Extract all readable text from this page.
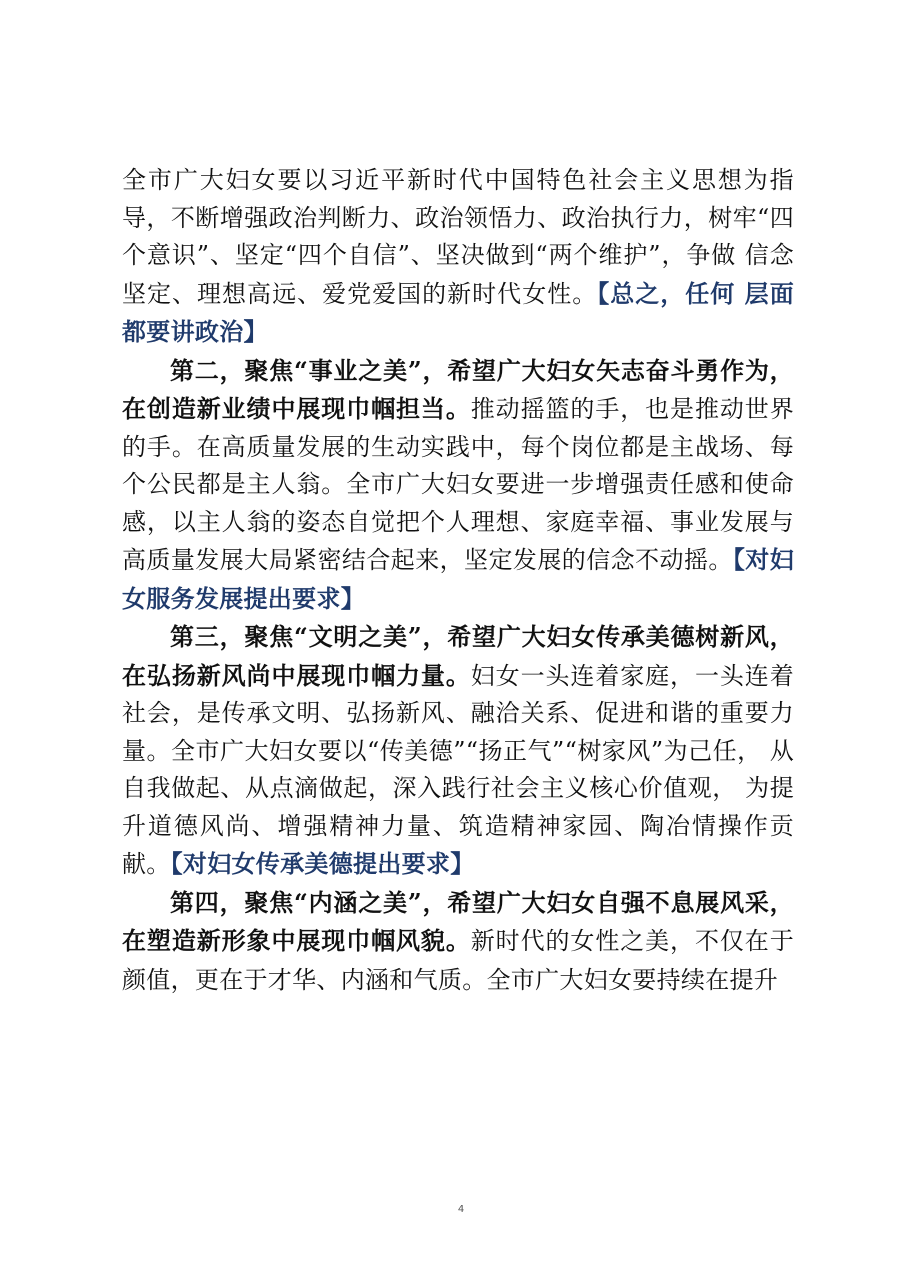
全市广大妇女要以习近平新时代中国特色社会主义思想为指导，不断增强政治判断力、政治领悟力、政治执行力，树牢“四个意识”、坚定“四个自信”、坚决做到“两个维护”，争做 信念坚定、理想高远、爱党爱国的新时代女性。【总之，任何 层面都要讲政治】

第二，聚焦“事业之美”，希望广大妇女矢志奋斗勇作为， 在创造新业绩中展现巾帼担当。推动摇篮的手，也是推动世界的手。在高质量发展的生动实践中，每个岗位都是主战场、每个公民都是主人翁。全市广大妇女要进一步增强责任感和使命感，以主人翁的姿态自觉把个人理想、家庭幸福、事业发展与高质量发展大局紧密结合起来，坚定发展的信念不动摇。【对妇女服务发展提出要求】

第三，聚焦“文明之美”，希望广大妇女传承美德树新风， 在弘扬新风尚中展现巾帼力量。妇女一头连着家庭，一头连着社会，是传承文明、弘扬新风、融洽关系、促进和谐的重要力量。全市广大妇女要以“传美德”“扬正气”“树家风”为己任， 从自我做起、从点滴做起，深入践行社会主义核心价值观， 为提升道德风尚、增强精神力量、筑造精神家园、陶冶情操作贡献。【对妇女传承美德提出要求】

第四，聚焦“内涵之美”，希望广大妇女自强不息展风采， 在塑造新形象中展现巾帼风貌。新时代的女性之美，不仅在于颜值，更在于才华、内涵和气质。全市广大妇女要持续在提升

4
